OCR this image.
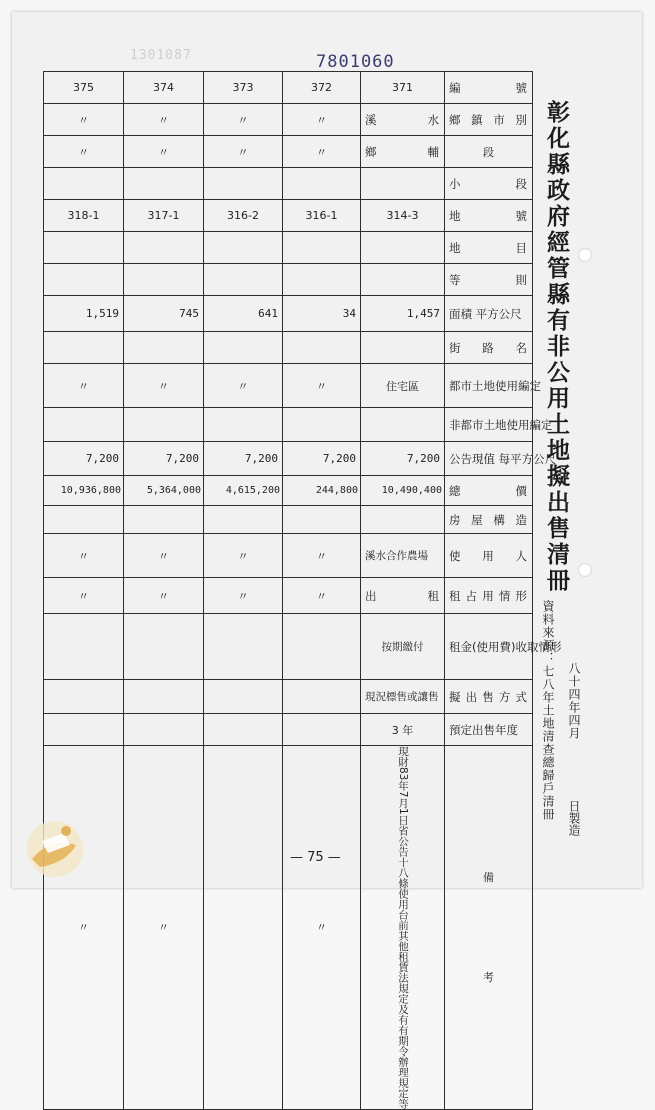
1301087	7801060
375	374	373	372	371	編號
〃	〃	〃	〃	溪水	鄉鎮市別
〃	〃	〃	〃	鄉輔	段
					小段
318-1	317-1	316-2	316-1	314-3	地號
					地目
					等則
1,519	745	641	34	1,457	面積 平方公尺
					街路名
〃	〃	〃	〃	住宅區	都市土地使用編定
					非都市土地使用編定
7,200	7,200	7,200	7,200	7,200	公告現值 每平方公尺
10,936,800	5,364,000	4,615,200	244,800	10,490,400	總價
					房屋構造
〃	〃	〃	〃	溪水合作農場	使用人
〃	〃	〃	〃	出租	租占用情形
				按期繳付	租金(使用費)收取情形
				現況標售或讓售	擬出售方式
				3 年	預定出售年度
〃	〃		〃	現財83年7月1日省公告十八條使用台前其他租賃法規定及有有期令辦理規定等	備
考
彰化縣政府經管縣有非公用土地擬出售清冊
資料來源：七八年土地清查總歸戶清冊 八十四年四月
日製造
— 75 —
